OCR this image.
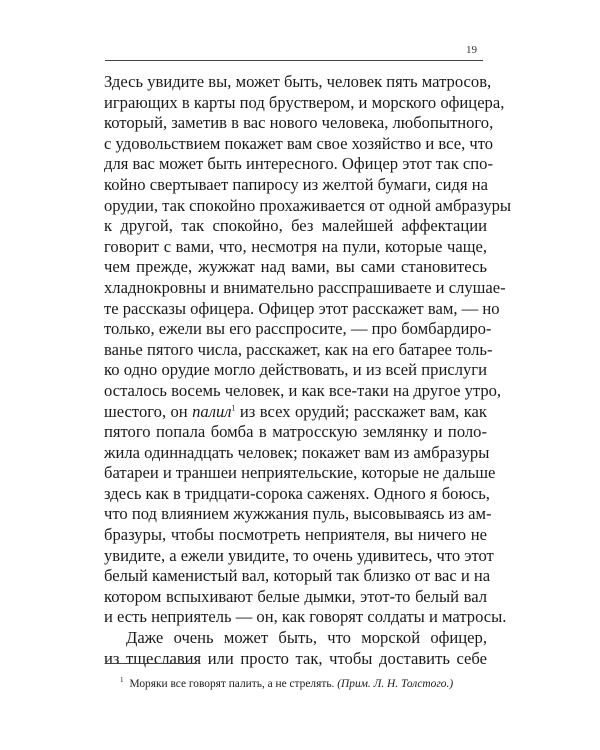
19
Здесь увидите вы, может быть, человек пять матросов,
играющих в карты под бруствером, и морского офицера,
который, заметив в вас нового человека, любопытного,
с удовольствием покажет вам свое хозяйство и все, что
для вас может быть интересного. Офицер этот так спо-
койно свертывает папиросу из желтой бумаги, сидя на
орудии, так спокойно прохаживается от одной амбразуры
к другой, так спокойно, без малейшей аффектации
говорит с вами, что, несмотря на пули, которые чаще,
чем прежде, жужжат над вами, вы сами становитесь
хладнокровны и внимательно расспрашиваете и слушае-
те рассказы офицера. Офицер этот расскажет вам, — но
только, ежели вы его расспросите, — про бомбардиро-
ванье пятого числа, расскажет, как на его батарее толь-
ко одно орудие могло действовать, и из всей прислуги
осталось восемь человек, и как все-таки на другое утро,
шестого, он палил$^1$ из всех орудий; расскажет вам, как
пятого попала бомба в матросскую землянку и поло-
жила одиннадцать человек; покажет вам из амбразуры
батареи и траншеи неприятельские, которые не дальше
здесь как в тридцати-сорока саженях. Одного я боюсь,
что под влиянием жужжания пуль, высовываясь из ам-
бразуры, чтобы посмотреть неприятеля, вы ничего не
увидите, а ежели увидите, то очень удивитесь, что этот
белый каменистый вал, который так близко от вас и на
котором вспыхивают белые дымки, этот-то белый вал
и есть неприятель — он, как говорят солдаты и матросы.
Даже очень может быть, что морской офицер,
из тщеславия или просто так, чтобы доставить себе
$^1$ Моряки все говорят палить, а не стрелять. (Прим. Л. Н. Толстого.)
